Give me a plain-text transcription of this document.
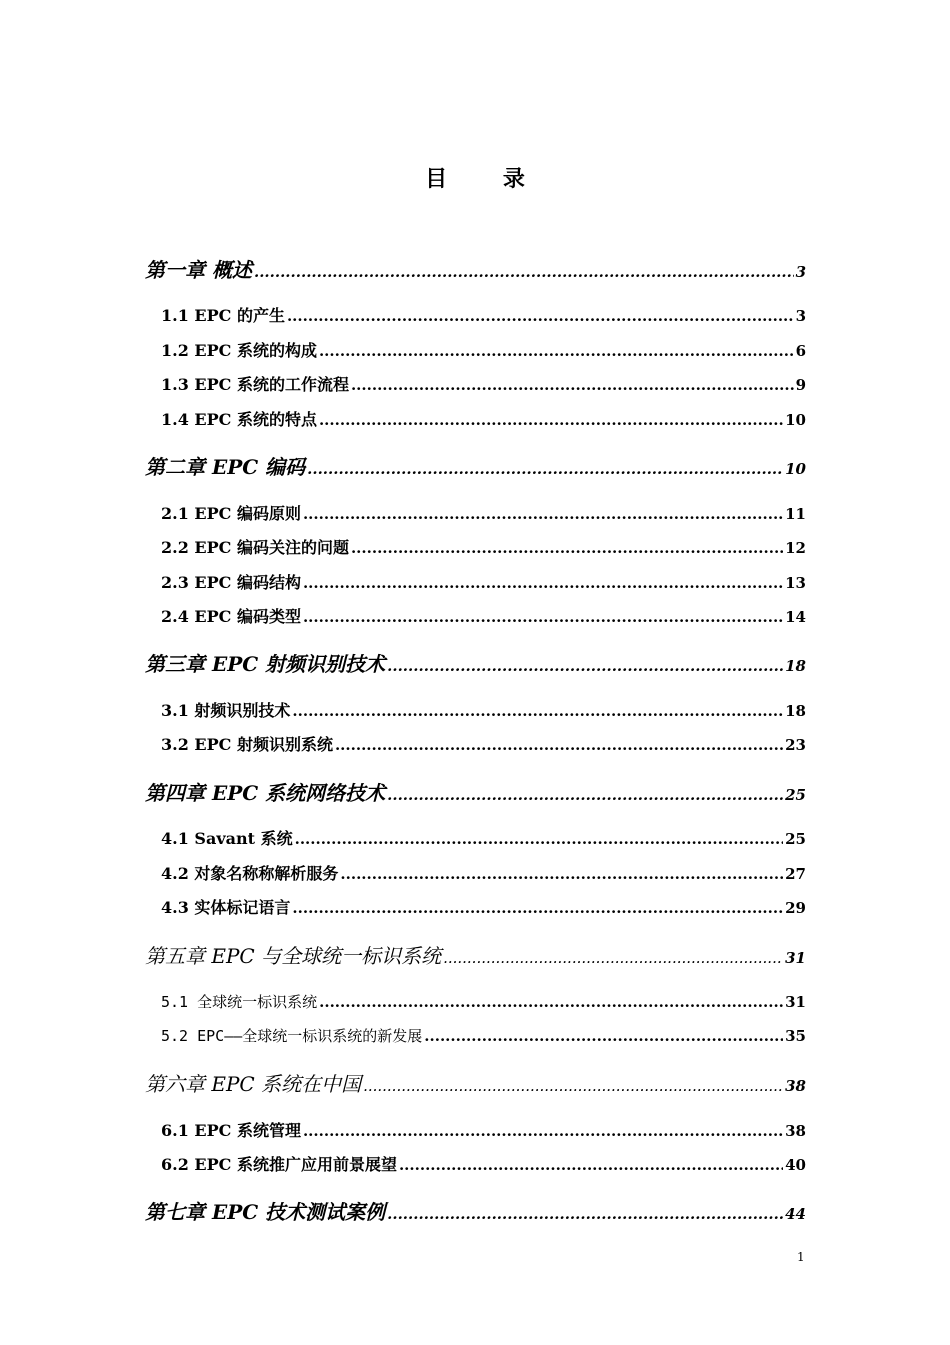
目 录
第一章 概述 .....	3
1.1 EPC 的产生 .....	3
1.2 EPC 系统的构成 .....	6
1.3 EPC 系统的工作流程 .....	9
1.4 EPC 系统的特点 .....	10
第二章 EPC 编码 .....	10
2.1 EPC 编码原则 .....	11
2.2 EPC 编码关注的问题 .....	12
2.3 EPC 编码结构 .....	13
2.4 EPC 编码类型 .....	14
第三章 EPC 射频识别技术 .....	18
3.1 射频识别技术 .....	18
3.2 EPC 射频识别系统 .....	23
第四章 EPC 系统网络技术 .....	25
4.1 Savant 系统 .....	25
4.2 对象名称称解析服务 .....	27
4.3 实体标记语言 .....	29
第五章 EPC 与全球统一标识系统 .....	31
5.1 全球统一标识系统 .....	31
5.2 EPC——全球统一标识系统的新发展 .....	35
第六章 EPC 系统在中国 .....	38
6.1 EPC 系统管理 .....	38
6.2 EPC 系统推广应用前景展望 .....	40
第七章 EPC 技术测试案例 .....	44
1
